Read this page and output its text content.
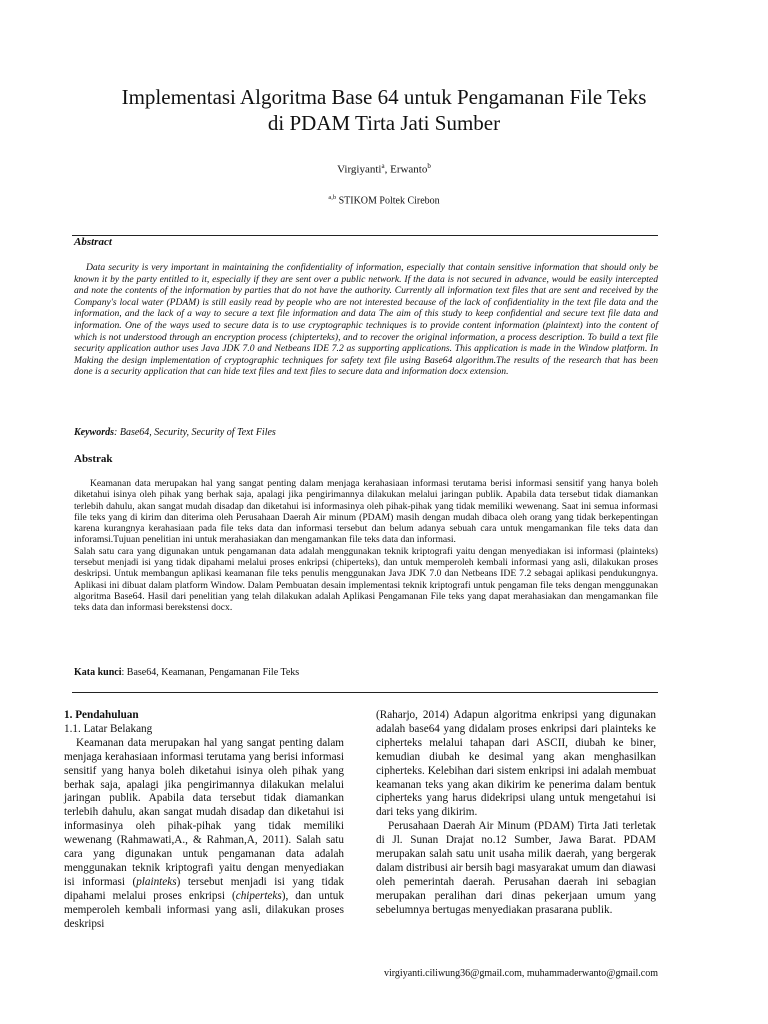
Implementasi Algoritma Base 64 untuk Pengamanan File Teks
di PDAM Tirta Jati Sumber
Virgiyanti$^a$, Erwanto$^b$
$^{a,b}$ STIKOM Poltek Cirebon
Abstract
Data security is very important in maintaining the confidentiality of information, especially that contain sensitive information that should only be known it by the party entitled to it, especially if they are sent over a public network. If the data is not secured in advance, would be easily intercepted and note the contents of the information by parties that do not have the authority. Currently all information text files that are sent and received by the Company's local water (PDAM) is still easily read by people who are not interested because of the lack of confidentiality in the text file data and the information, and the lack of a way to secure a text file information and data The aim of this study to keep confidential and secure text file data and information. One of the ways used to secure data is to use cryptographic techniques is to provide content information (plaintext) into the content of which is not understood through an encryption process (chipterteks), and to recover the original information, a process description. To build a text file security application author uses Java JDK 7.0 and Netbeans IDE 7.2 as supporting applications. This application is made in the Window platform. In Making the design implementation of cryptographic techniques for safety text file using Base64 algorithm.The results of the research that has been done is a security application that can hide text files and text files to secure data and information docx extension.
Keywords: Base64, Security, Security of Text Files
Abstrak

Keamanan data merupakan hal yang sangat penting dalam menjaga kerahasiaan informasi terutama berisi informasi sensitif yang hanya boleh diketahui isinya oleh pihak yang berhak saja, apalagi jika pengirimannya dilakukan melalui jaringan publik. Apabila data tersebut tidak diamankan terlebih dahulu, akan sangat mudah disadap dan diketahui isi informasinya oleh pihak-pihak yang tidak memiliki wewenang. Saat ini semua informasi file teks yang di kirim dan diterima oleh Perusahaan Daerah Air minum (PDAM) masih dengan mudah dibaca oleh orang yang tidak berkepentingan karena kurangnya kerahasiaan pada file teks data dan informasi tersebut dan belum adanya sebuah cara untuk mengamankan file teks data dan inforamsi.Tujuan penelitian ini untuk merahasiakan dan mengamankan file teks data dan informasi.

Salah satu cara yang digunakan untuk pengamanan data adalah menggunakan teknik kriptografi yaitu dengan menyediakan isi informasi (plainteks) tersebut menjadi isi yang tidak dipahami melalui proses enkripsi (chiperteks), dan untuk memperoleh kembali informasi yang asli, dilakukan proses deskripsi. Untuk membangun aplikasi keamanan file teks penulis menggunakan Java JDK 7.0 dan Netbeans IDE 7.2 sebagai aplikasi pendukungnya. Aplikasi ini dibuat dalam platform Window. Dalam Pembuatan desain implementasi teknik kriptografi untuk pengaman file teks dengan menggunakan algoritma Base64. Hasil dari penelitian yang telah dilakukan adalah Aplikasi Pengamanan File teks yang dapat merahasiakan dan mengamankan file teks data dan informasi berekstensi docx.

Kata kunci: Base64, Keamanan, Pengamanan File Teks

1. Pendahuluan

1.1. Latar Belakang

Keamanan data merupakan hal yang sangat penting dalam menjaga kerahasiaan informasi terutama yang berisi informasi sensitif yang hanya boleh diketahui isinya oleh pihak yang berhak saja, apalagi jika pengirimannya dilakukan melalui jaringan publik. Apabila data tersebut tidak diamankan terlebih dahulu, akan sangat mudah disadap dan diketahui isi informasinya oleh pihak-pihak yang tidak memiliki wewenang (Rahmawati,A., & Rahman,A, 2011). Salah satu cara yang digunakan untuk pengamanan data adalah menggunakan teknik kriptografi yaitu dengan menyediakan isi informasi (plainteks) tersebut menjadi isi yang tidak dipahami melalui proses enkripsi (chiperteks), dan untuk memperoleh kembali informasi yang asli, dilakukan proses deskripsi

(Raharjo, 2014) Adapun algoritma enkripsi yang digunakan adalah base64 yang didalam proses enkripsi dari plainteks ke cipherteks melalui tahapan dari ASCII, diubah ke biner, kemudian diubah ke desimal yang akan menghasilkan cipherteks. Kelebihan dari sistem enkripsi ini adalah membuat keamanan teks yang akan dikirim ke penerima dalam bentuk cipherteks yang harus didekripsi ulang untuk mengetahui isi dari teks yang dikirim.

Perusahaan Daerah Air Minum (PDAM) Tirta Jati terletak di Jl. Sunan Drajat no.12 Sumber, Jawa Barat. PDAM merupakan salah satu unit usaha milik daerah, yang bergerak dalam distribusi air bersih bagi masyarakat umum dan diawasi oleh pemerintah daerah. Perusahan daerah ini sebagian merupakan peralihan dari dinas pekerjaan umum yang sebelumnya bertugas menyediakan prasarana publik.

virgiyanti.ciliwung36@gmail.com, muhammaderwanto@gmail.com
